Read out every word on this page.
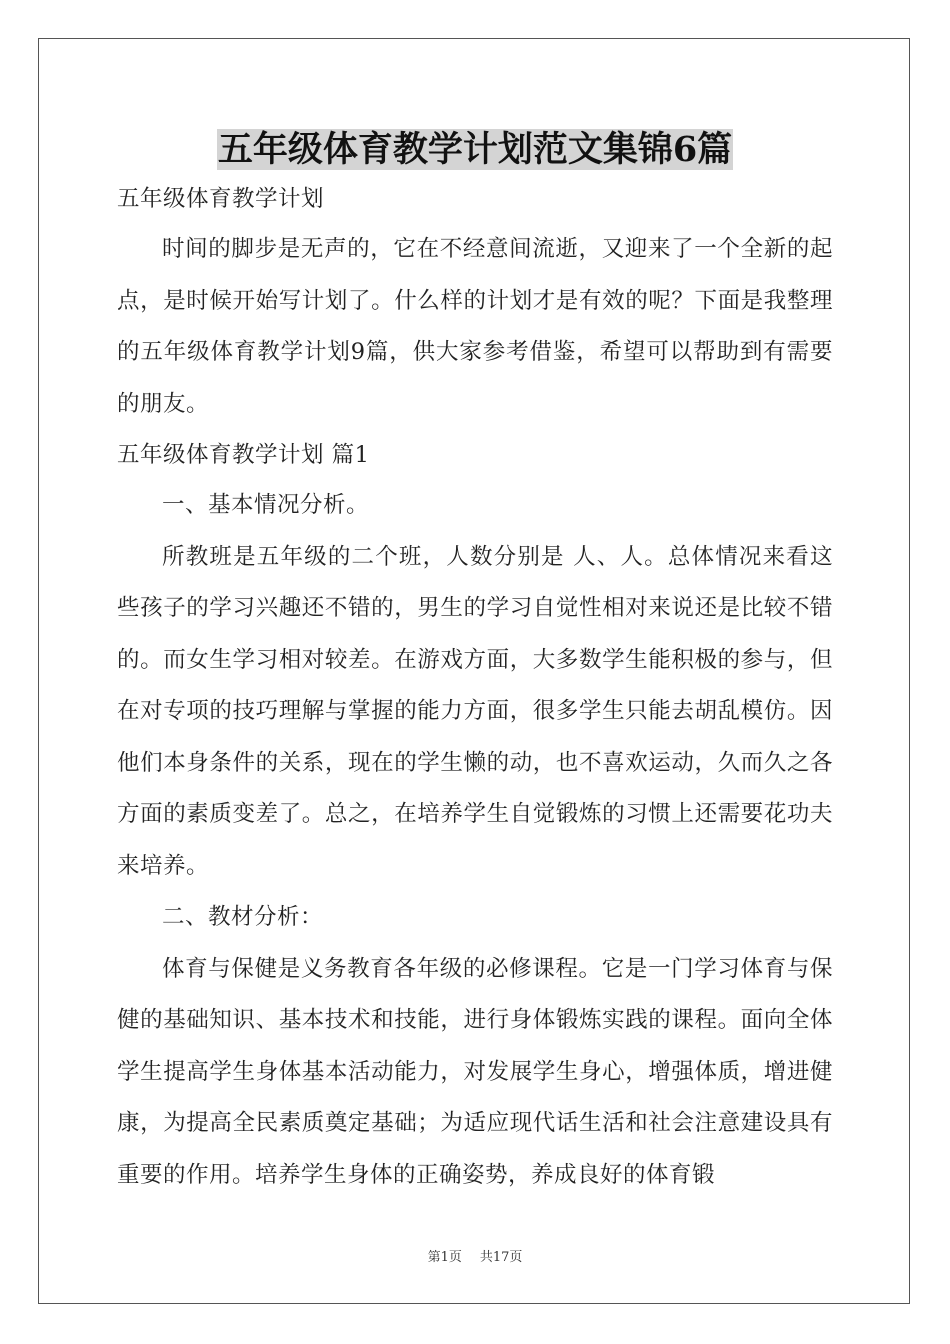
五年级体育教学计划范文集锦6篇

五年级体育教学计划

时间的脚步是无声的，它在不经意间流逝，又迎来了一个全新的起点，是时候开始写计划了。什么样的计划才是有效的呢？下面是我整理的五年级体育教学计划9篇，供大家参考借鉴，希望可以帮助到有需要的朋友。

五年级体育教学计划 篇1

一、基本情况分析。

所教班是五年级的二个班，人数分别是 人、人。总体情况来看这些孩子的学习兴趣还不错的，男生的学习自觉性相对来说还是比较不错的。而女生学习相对较差。在游戏方面，大多数学生能积极的参与，但在对专项的技巧理解与掌握的能力方面，很多学生只能去胡乱模仿。因他们本身条件的关系，现在的学生懒的动，也不喜欢运动，久而久之各方面的素质变差了。总之，在培养学生自觉锻炼的习惯上还需要花功夫来培养。

二、教材分析：

体育与保健是义务教育各年级的必修课程。它是一门学习体育与保健的基础知识、基本技术和技能，进行身体锻炼实践的课程。面向全体学生提高学生身体基本活动能力，对发展学生身心，增强体质，增进健康，为提高全民素质奠定基础；为适应现代话生活和社会注意建设具有重要的作用。培养学生身体的正确姿势，养成良好的体育锻

第1页 共17页
